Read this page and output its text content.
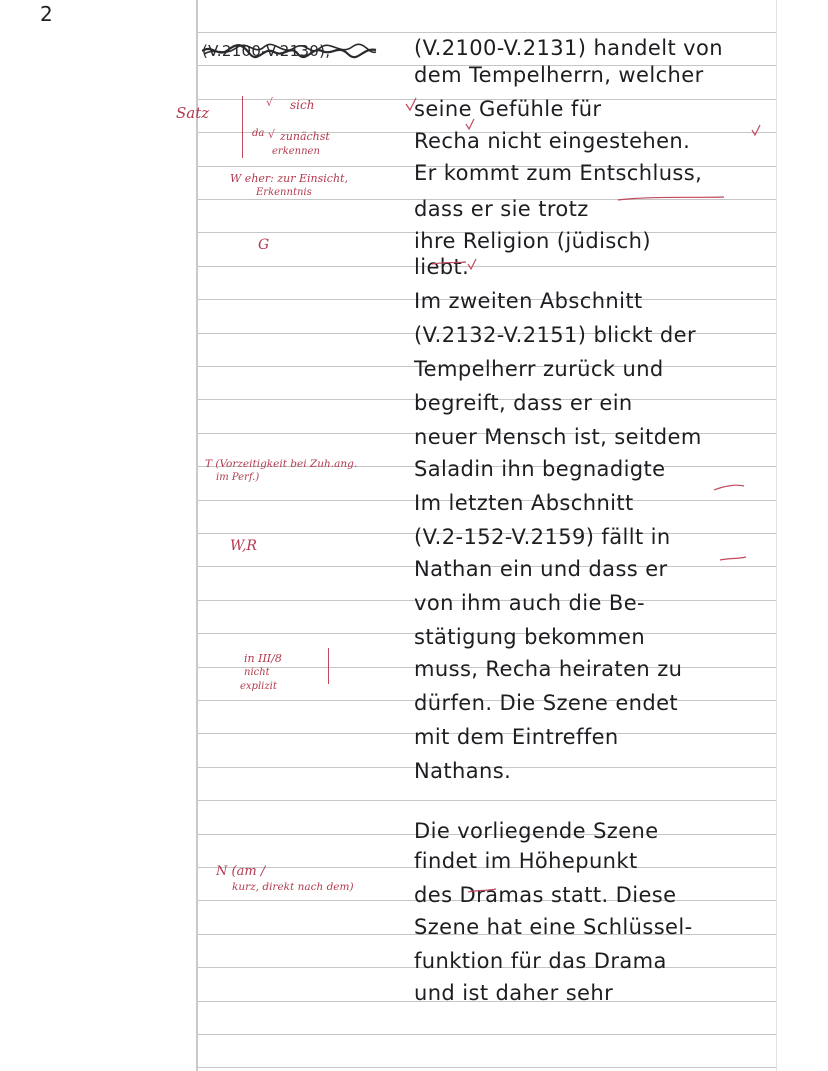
2
(V.2100-V.2130),	(V.2100-V.2131) handelt von
dem Tempelherrn, welcher
seine Gefühle für
Recha nicht eingestehen.
Er kommt zum Entschluss,
dass er sie trotz
ihre Religion (jüdisch)
liebt.
Im zweiten Abschnitt
(V.2132-V.2151) blickt der
Tempelherr zurück und
begreift, dass er ein
neuer Mensch ist, seitdem
Saladin ihn begnadigte
Im letzten Abschnitt
(V.2-152-V.2159) fällt in
Nathan ein und dass er
von ihm auch die Be-
stätigung bekommen
muss, Recha heiraten zu
dürfen. Die Szene endet
mit dem Eintreffen
Nathans.
Die vorliegende Szene
findet im Höhepunkt
des Dramas statt. Diese
Szene hat eine Schlüssel-
funktion für das Drama
und ist daher sehr
Satz
√ sich
da √ zunächst
erkennen
W eher: zur Einsicht,
Erkenntnis
G
T (Vorzeitigkeit bei Zuh.ang.
im Perf.)
W,R
in III/8
nicht
explizit
N (am /
kurz, direkt nach dem)
